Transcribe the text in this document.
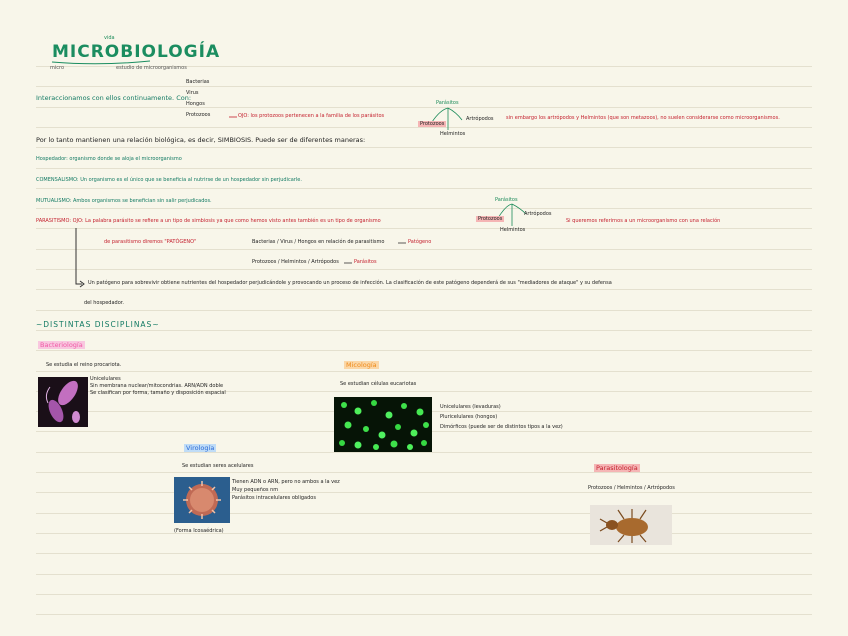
vida
MICROBIOLOGÍA
micro	estudio de microorganismos
Interaccionamos con ellos continuamente. Con:
Bacterias
Virus
Hongos
Protozoos	OJO: los protozoos pertenecen a la familia de los parásitos
Parásitos
Protozoos
Helmintos
Artrópodos sin embargo los artrópodos y Helmintos (que son metazoos), no suelen considerarse como microorganismos.
Por lo tanto mantienen una relación biológica, es decir, SIMBIOSIS. Puede ser de diferentes maneras:
Hospedador: organismo donde se aloja el microorganismo
COMENSALISMO: Un organismo es el único que se beneficia al nutrirse de un hospedador sin perjudicarle.
MUTUALISMO: Ambos organismos se benefician sin salir perjudicados.	Parásitos
PARASITISMO: OJO: La palabra parásito se refiere a un tipo de simbiosis ya que como hemos visto antes también es un tipo de organismo	Protozoos
Helmintos
Artrópodos
Si queremos referirnos a un microorganismo con una relación
de parasitismo diremos "PATÓGENO"	Bacterias / Virus / Hongos en relación de parasitismo	Patógeno
Protozoos / Helmintos / Artrópodos	Parásitos
Un patógeno para sobrevivir obtiene nutrientes del hospedador perjudicándole y provocando un proceso de infección. La clasificación de este patógeno dependerá de sus "mediadores de ataque" y su defensa
del hospedador.
~DISTINTAS DISCIPLINAS~
Bacteriología
Se estudia el reino procariota.
Unicelulares
Sin membrana nuclear/mitocondrias. ARN/ADN doble
Se clasifican por forma, tamaño y disposición espacial
Micología
Se estudian células eucariotas
Unicelulares (levaduras)
Pluricelulares (hongos)
Dimórficos (puede ser de distintos tipos a la vez)
Virología
Se estudian seres acelulares
Tienen ADN o ARN, pero no ambos a la vez
Muy pequeños nm
Parásitos intracelulares obligados
(Forma Icosaédrica)
Parasitología
Protozoos / Helmintos / Artrópodos
